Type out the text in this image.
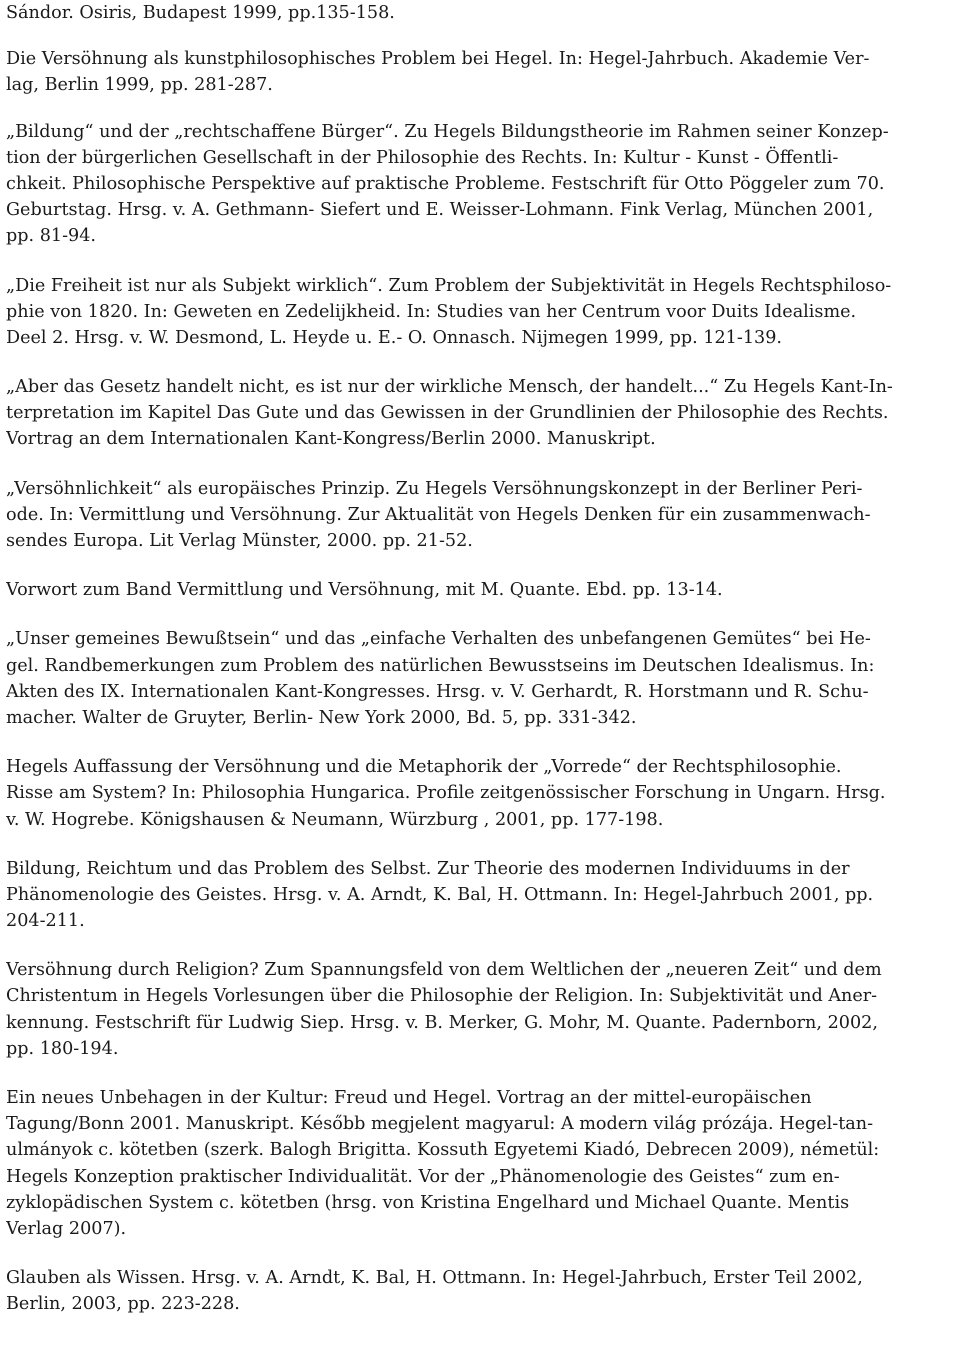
Sándor. Osiris, Budapest 1999, pp.135-158.
Die Versöhnung als kunstphilosophisches Problem bei Hegel. In: Hegel-Jahrbuch. Akademie Ver-
lag, Berlin 1999, pp. 281-287.
„Bildung“ und der „rechtschaffene Bürger“. Zu Hegels Bildungstheorie im Rahmen seiner Konzep-
tion der bürgerlichen Gesellschaft in der Philosophie des Rechts. In: Kultur - Kunst - Öffentli-
chkeit. Philosophische Perspektive auf praktische Probleme. Festschrift für Otto Pöggeler zum 70.
Geburtstag. Hrsg. v. A. Gethmann- Siefert und E. Weisser-Lohmann. Fink Verlag, München 2001,
pp. 81-94.
„Die Freiheit ist nur als Subjekt wirklich“. Zum Problem der Subjektivität in Hegels Rechtsphiloso-
phie von 1820. In: Geweten en Zedelijkheid. In: Studies van her Centrum voor Duits Idealisme.
Deel 2. Hrsg. v. W. Desmond, L. Heyde u. E.- O. Onnasch. Nijmegen 1999, pp. 121-139.
„Aber das Gesetz handelt nicht, es ist nur der wirkliche Mensch, der handelt...“ Zu Hegels Kant-In-
terpretation im Kapitel Das Gute und das Gewissen in der Grundlinien der Philosophie des Rechts.
Vortrag an dem Internationalen Kant-Kongress/Berlin 2000. Manuskript.
„Versöhnlichkeit“ als europäisches Prinzip. Zu Hegels Versöhnungskonzept in der Berliner Peri-
ode. In: Vermittlung und Versöhnung. Zur Aktualität von Hegels Denken für ein zusammenwach-
sendes Europa. Lit Verlag Münster, 2000. pp. 21-52.
Vorwort zum Band Vermittlung und Versöhnung, mit M. Quante. Ebd. pp. 13-14.
„Unser gemeines Bewußtsein“ und das „einfache Verhalten des unbefangenen Gemütes“ bei He-
gel. Randbemerkungen zum Problem des natürlichen Bewusstseins im Deutschen Idealismus. In:
Akten des IX. Internationalen Kant-Kongresses. Hrsg. v. V. Gerhardt, R. Horstmann und R. Schu-
macher. Walter de Gruyter, Berlin- New York 2000, Bd. 5, pp. 331-342.
Hegels Auffassung der Versöhnung und die Metaphorik der „Vorrede“ der Rechtsphilosophie.
Risse am System? In: Philosophia Hungarica. Profile zeitgenössischer Forschung in Ungarn. Hrsg.
v. W. Hogrebe. Königshausen & Neumann, Würzburg , 2001, pp. 177-198.
Bildung, Reichtum und das Problem des Selbst. Zur Theorie des modernen Individuums in der
Phänomenologie des Geistes. Hrsg. v. A. Arndt, K. Bal, H. Ottmann. In: Hegel-Jahrbuch 2001, pp.
204-211.
Versöhnung durch Religion? Zum Spannungsfeld von dem Weltlichen der „neueren Zeit“ und dem
Christentum in Hegels Vorlesungen über die Philosophie der Religion. In: Subjektivität und Aner-
kennung. Festschrift für Ludwig Siep. Hrsg. v. B. Merker, G. Mohr, M. Quante. Padernborn, 2002,
pp. 180-194.
Ein neues Unbehagen in der Kultur: Freud und Hegel. Vortrag an der mittel-europäischen
Tagung/Bonn 2001. Manuskript. Később megjelent magyarul: A modern világ prózája. Hegel-tan-
ulmányok c. kötetben (szerk. Balogh Brigitta. Kossuth Egyetemi Kiadó, Debrecen 2009), németül:
Hegels Konzeption praktischer Individualität. Vor der „Phänomenologie des Geistes“ zum en-
zyklopädischen System c. kötetben (hrsg. von Kristina Engelhard und Michael Quante. Mentis
Verlag 2007).
Glauben als Wissen. Hrsg. v. A. Arndt, K. Bal, H. Ottmann. In: Hegel-Jahrbuch, Erster Teil 2002,
Berlin, 2003, pp. 223-228.
